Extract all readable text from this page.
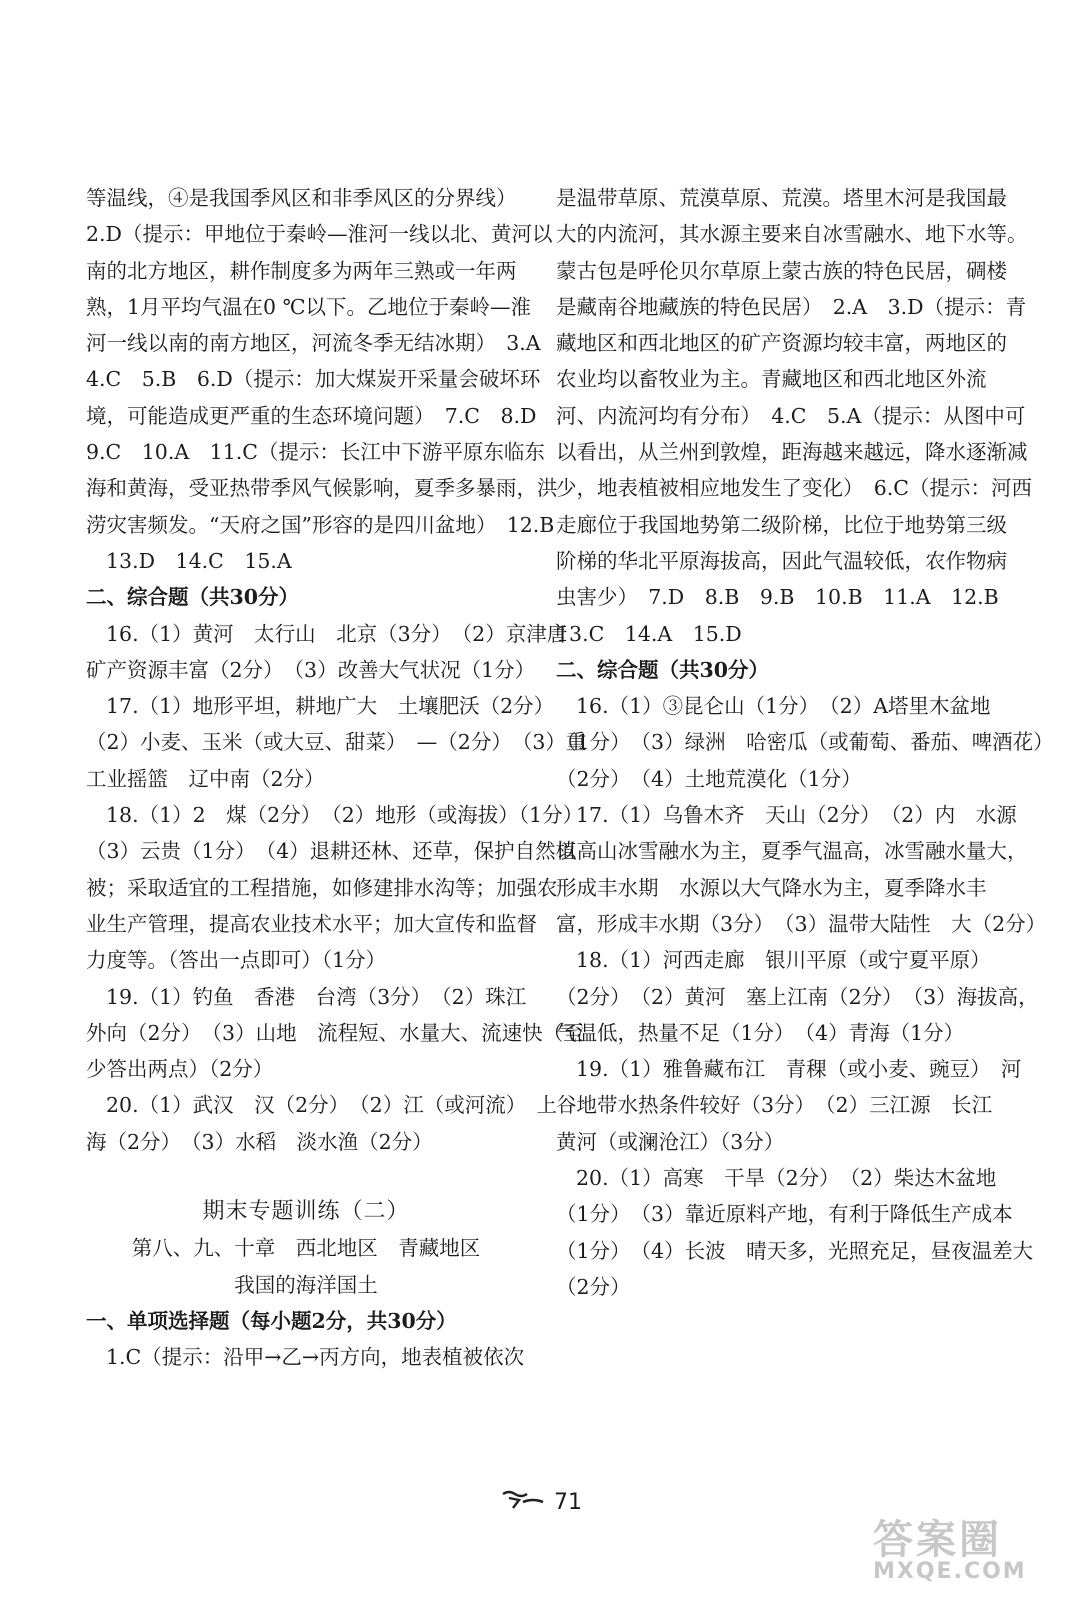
等温线，④是我国季风区和非季风区的分界线）
2.D（提示：甲地位于秦岭—淮河一线以北、黄河以
南的北方地区，耕作制度多为两年三熟或一年两
熟，1月平均气温在0 ℃以下。乙地位于秦岭—淮
河一线以南的南方地区，河流冬季无结冰期）　3.A
4.C　5.B　6.D（提示：加大煤炭开采量会破坏环
境，可能造成更严重的生态环境问题）　7.C　8.D
9.C　10.A　11.C（提示：长江中下游平原东临东
海和黄海，受亚热带季风气候影响，夏季多暴雨，洪
涝灾害频发。“天府之国”形容的是四川盆地）　12.B
13.D　14.C　15.A
二、综合题（共30分）
16.（1）黄河　太行山　北京（3分）　（2）京津唐
矿产资源丰富（2分）　（3）改善大气状况（1分）
17.（1）地形平坦，耕地广大　土壤肥沃（2分）
（2）小麦、玉米（或大豆、甜菜）　—（2分）　（3）重
工业摇篮　辽中南（2分）
18.（1）2　煤（2分）　（2）地形（或海拔）（1分）
（3）云贵（1分）　（4）退耕还林、还草，保护自然植
被；采取适宜的工程措施，如修建排水沟等；加强农
业生产管理，提高农业技术水平；加大宣传和监督
力度等。（答出一点即可）（1分）
19.（1）钓鱼　香港　台湾（3分）　（2）珠江
外向（2分）　（3）山地　流程短、水量大、流速快（至
少答出两点）（2分）
20.（1）武汉　汉（2分）　（2）江（或河流）　上
海（2分）　（3）水稻　淡水渔（2分）
期末专题训练（二）
第八、九、十章　西北地区　青藏地区
我国的海洋国土
一、单项选择题（每小题2分，共30分）
1.C（提示：沿甲→乙→丙方向，地表植被依次
是温带草原、荒漠草原、荒漠。塔里木河是我国最
大的内流河，其水源主要来自冰雪融水、地下水等。
蒙古包是呼伦贝尔草原上蒙古族的特色民居，碉楼
是藏南谷地藏族的特色民居）　2.A　3.D（提示：青
藏地区和西北地区的矿产资源均较丰富，两地区的
农业均以畜牧业为主。青藏地区和西北地区外流
河、内流河均有分布）　4.C　5.A（提示：从图中可
以看出，从兰州到敦煌，距海越来越远，降水逐渐减
少，地表植被相应地发生了变化）　6.C（提示：河西
走廊位于我国地势第二级阶梯，比位于地势第三级
阶梯的华北平原海拔高，因此气温较低，农作物病
虫害少）　7.D　8.B　9.B　10.B　11.A　12.B
13.C　14.A　15.D
二、综合题（共30分）
16.（1）③昆仑山（1分）　（2）A塔里木盆地
（1分）　（3）绿洲　哈密瓜（或葡萄、番茄、啤酒花）
（2分）　（4）土地荒漠化（1分）
17.（1）乌鲁木齐　天山（2分）　（2）内　水源
以高山冰雪融水为主，夏季气温高，冰雪融水量大，
形成丰水期　水源以大气降水为主，夏季降水丰
富，形成丰水期（3分）　（3）温带大陆性　大（2分）
18.（1）河西走廊　银川平原（或宁夏平原）
（2分）　（2）黄河　塞上江南（2分）　（3）海拔高，
气温低，热量不足（1分）　（4）青海（1分）
19.（1）雅鲁藏布江　青稞（或小麦、豌豆）　河
谷地带水热条件较好（3分）　（2）三江源　长江
黄河（或澜沧江）（3分）
20.（1）高寒　干旱（2分）　（2）柴达木盆地
（1分）　（3）靠近原料产地，有利于降低生产成本
（1分）　（4）长波　晴天多，光照充足，昼夜温差大
（2分）
71
答案圈
MXQE.COM
